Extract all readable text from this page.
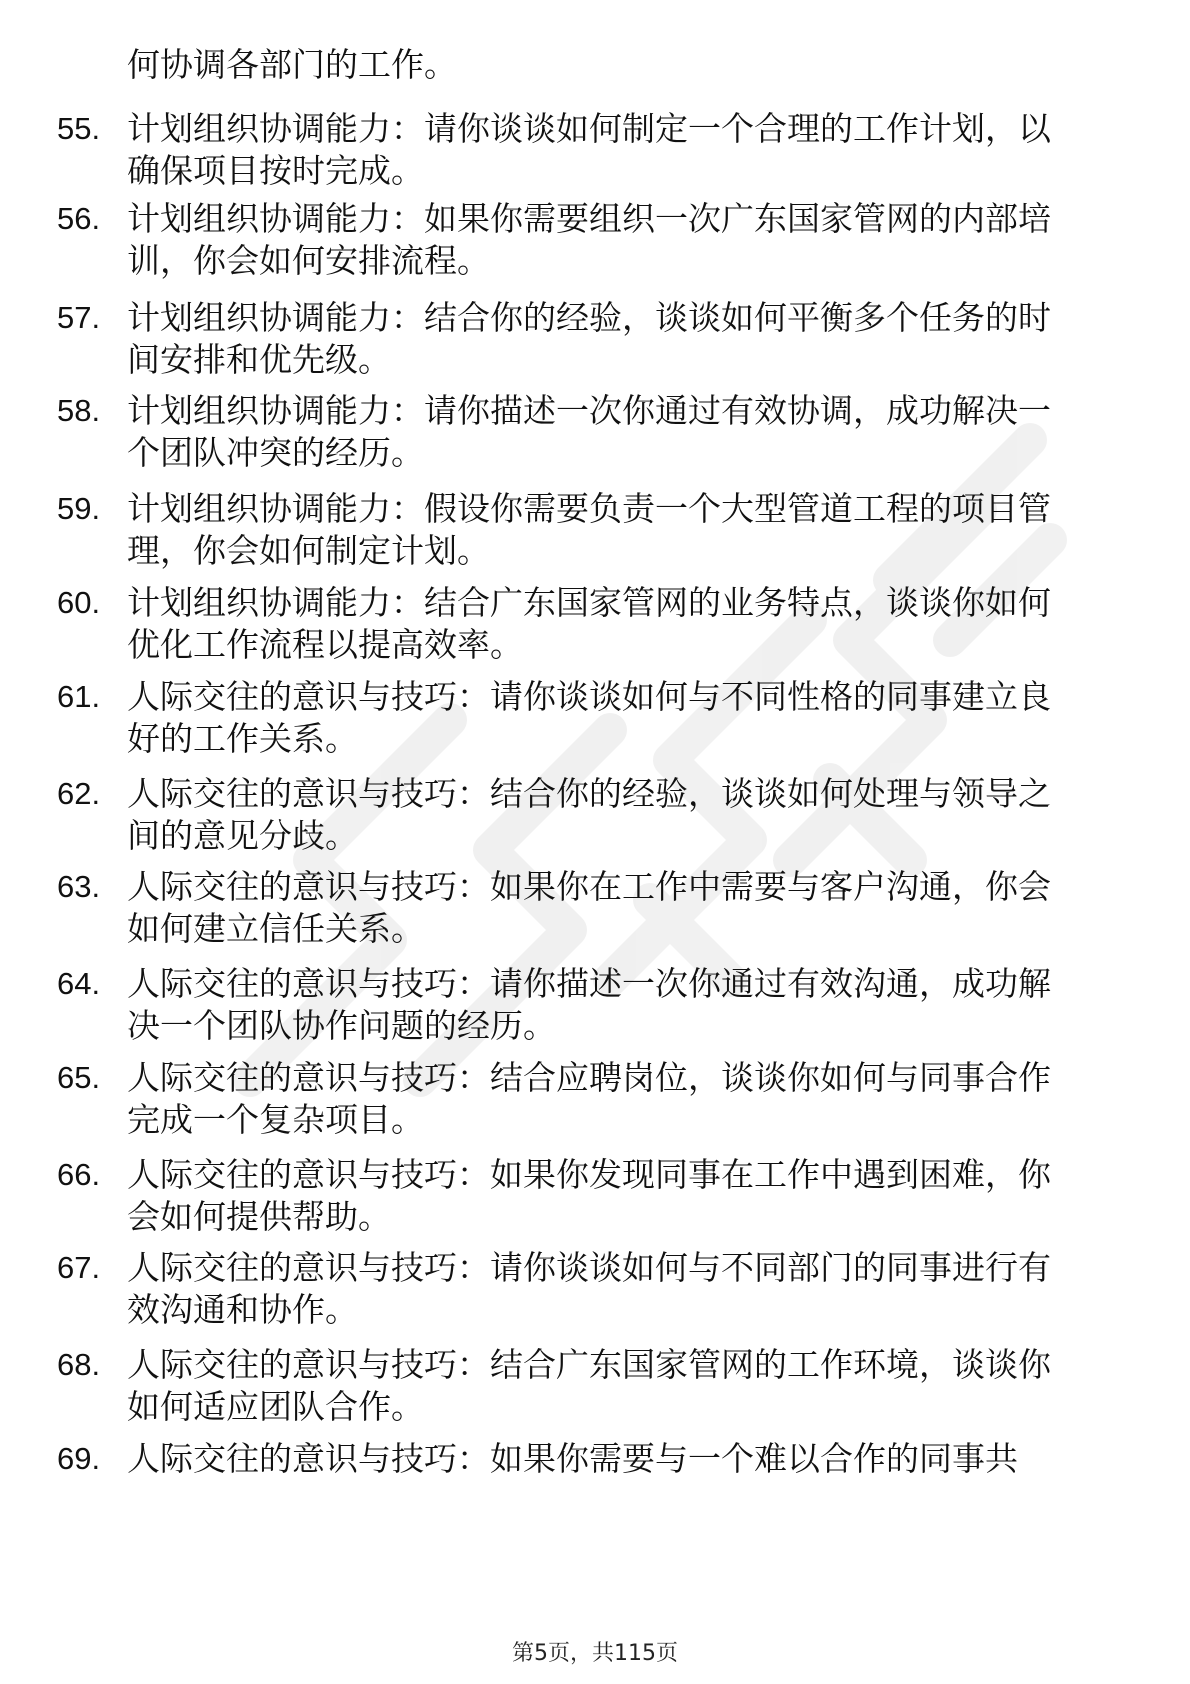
何协调各部门的工作。
55. 计划组织协调能力：请你谈谈如何制定一个合理的工作计划，以
确保项目按时完成。
56. 计划组织协调能力：如果你需要组织一次广东国家管网的内部培
训，你会如何安排流程。
57. 计划组织协调能力：结合你的经验，谈谈如何平衡多个任务的时
间安排和优先级。
58. 计划组织协调能力：请你描述一次你通过有效协调，成功解决一
个团队冲突的经历。
59. 计划组织协调能力：假设你需要负责一个大型管道工程的项目管
理，你会如何制定计划。
60. 计划组织协调能力：结合广东国家管网的业务特点，谈谈你如何
优化工作流程以提高效率。
61. 人际交往的意识与技巧：请你谈谈如何与不同性格的同事建立良
好的工作关系。
62. 人际交往的意识与技巧：结合你的经验，谈谈如何处理与领导之
间的意见分歧。
63. 人际交往的意识与技巧：如果你在工作中需要与客户沟通，你会
如何建立信任关系。
64. 人际交往的意识与技巧：请你描述一次你通过有效沟通，成功解
决一个团队协作问题的经历。
65. 人际交往的意识与技巧：结合应聘岗位，谈谈你如何与同事合作
完成一个复杂项目。
66. 人际交往的意识与技巧：如果你发现同事在工作中遇到困难，你
会如何提供帮助。
67. 人际交往的意识与技巧：请你谈谈如何与不同部门的同事进行有
效沟通和协作。
68. 人际交往的意识与技巧：结合广东国家管网的工作环境，谈谈你
如何适应团队合作。
69. 人际交往的意识与技巧：如果你需要与一个难以合作的同事共
第5页，共115页
